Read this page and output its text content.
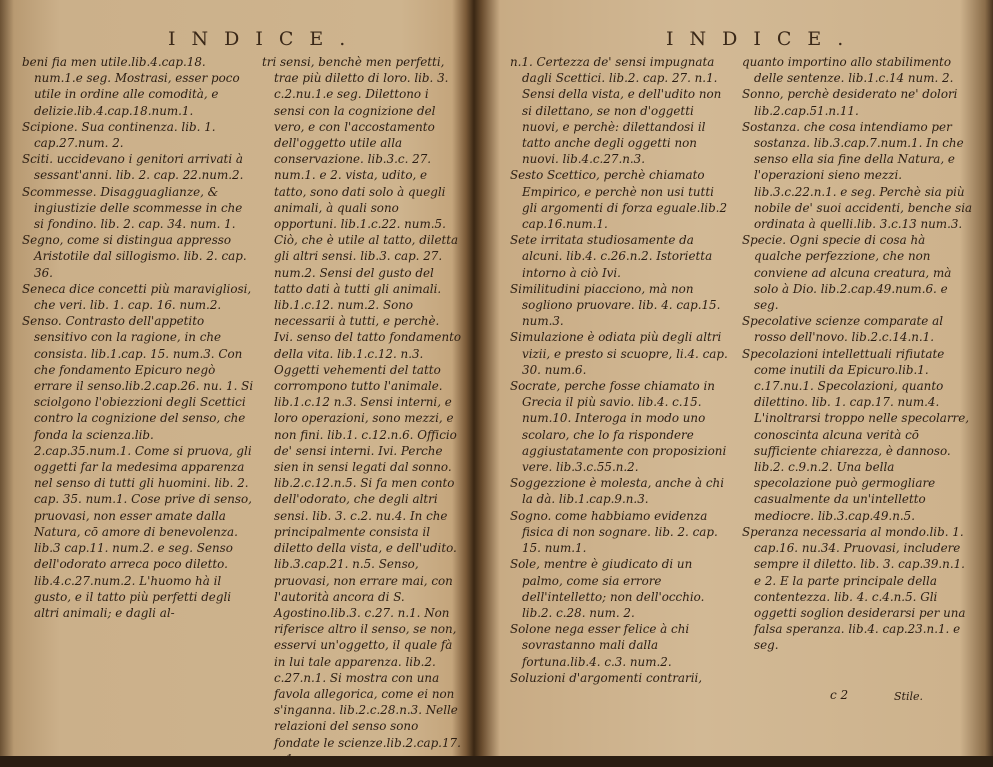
INDICE.
beni fia men utile.lib.4.cap.18. num.1.e seg. Mostrasi, esser poco utile in ordine alle comodità, e delizie.lib.4.cap.18.num.1.
Scipione. Sua continenza. lib. 1. cap.27.num. 2.
Sciti. uccidevano i genitori arrivati à sessant'anni. lib. 2. cap. 22.num.2.
Scommesse. Disagguaglianze, & ingiustizie delle scommesse in che si fondino. lib. 2. cap. 34. num. 1.
Segno, come si distingua appresso Aristotile dal sillogismo. lib. 2. cap. 36.
Seneca dice concetti più maravigliosi, che veri. lib. 1. cap. 16. num.2.
Senso. Contrasto dell'appetito sensitivo con la ragione, in che consista. lib.1.cap. 15. num.3. Con che fondamento Epicuro negò errare il senso.lib.2.cap.26. nu. 1. Si sciolgono l'obiezzioni degli Scettici contro la cognizione del senso, che fonda la scienza.lib. 2.cap.35.num.1. Come si pruova, gli oggetti far la medesima apparenza nel senso di tutti gli huomini. lib. 2. cap. 35. num.1. Cose prive di senso, pruovasi, non esser amate dalla Natura, cō amore di benevolenza. lib.3 cap.11. num.2. e seg. Senso dell'odorato arreca poco diletto. lib.4.c.27.num.2. L'huomo hà il gusto, e il tatto più perfetti degli altri animali; e dagli al-
tri sensi, benchè men perfetti, trae più diletto di loro. lib. 3. c.2.nu.1.e seg. Dilettono i sensi con la cognizione del vero, e con l'accostamento dell'oggetto utile alla conservazione. lib.3.c. 27. num.1. e 2. vista, udito, e tatto, sono dati solo à quegli animali, à quali sono opportuni. lib.1.c.22. num.5. Ciò, che è utile al tatto, diletta gli altri sensi. lib.3. cap. 27. num.2. Sensi del gusto del tatto dati à tutti gli animali. lib.1.c.12. num.2. Sono necessarii à tutti, e perchè. Ivi. senso del tatto fondamento della vita. lib.1.c.12. n.3. Oggetti vehementi del tatto corrompono tutto l'animale. lib.1.c.12 n.3. Sensi interni, e loro operazioni, sono mezzi, e non fini. lib.1. c.12.n.6. Officio de' sensi interni. Ivi. Perche sien in sensi legati dal sonno. lib.2.c.12.n.5. Si fa men conto dell'odorato, che degli altri sensi. lib. 3. c.2. nu.4. In che principalmente consista il diletto della vista, e dell'udito. lib.3.cap.21. n.5. Senso, pruovasi, non errare mai, con l'autorità ancora di S. Agostino.lib.3. c.27. n.1. Non riferisce altro il senso, se non, esservi un'oggetto, il quale fà in lui tale apparenza. lib.2. c.27.n.1. Si mostra con una favola allegorica, come ei non s'inganna. lib.2.c.28.n.3. Nelle relazioni del senso sono fondate le scienze.lib.2.cap.17. n.1.
INDICE.
n.1. Certezza de' sensi impugnata dagli Scettici. lib.2. cap. 27. n.1. Sensi della vista, e dell'udito non si dilettano, se non d'oggetti nuovi, e perchè: dilettandosi il tatto anche degli oggetti non nuovi. lib.4.c.27.n.3.
Sesto Scettico, perchè chiamato Empirico, e perchè non usi tutti gli argomenti di forza eguale.lib.2 cap.16.num.1.
Sete irritata studiosamente da alcuni. lib.4. c.26.n.2. Istorietta intorno à ciò Ivi.
Similitudini piacciono, mà non sogliono pruovare. lib. 4. cap.15. num.3.
Simulazione è odiata più degli altri vizii, e presto si scuopre, li.4. cap. 30. num.6.
Socrate, perche fosse chiamato in Grecia il più savio. lib.4. c.15. num.10. Interoga in modo uno scolaro, che lo fa rispondere aggiustatamente con proposizioni vere. lib.3.c.55.n.2.
Soggezzione è molesta, anche à chi la dà. lib.1.cap.9.n.3.
Sogno. come habbiamo evidenza fisica di non sognare. lib. 2. cap. 15. num.1.
Sole, mentre è giudicato di un palmo, come sia errore dell'intelletto; non dell'occhio. lib.2. c.28. num. 2.
Solone nega esser felice à chi sovrastanno mali dalla fortuna.lib.4. c.3. num.2.
Soluzioni d'argomenti contrarii,
quanto importino allo stabilimento delle sentenze. lib.1.c.14 num. 2.
Sonno, perchè desiderato ne' dolori lib.2.cap.51.n.11.
Sostanza. che cosa intendiamo per sostanza. lib.3.cap.7.num.1. In che senso ella sia fine della Natura, e l'operazioni sieno mezzi. lib.3.c.22.n.1. e seg. Perchè sia più nobile de' suoi accidenti, benche sia ordinata à quelli.lib. 3.c.13 num.3.
Specie. Ogni specie di cosa hà qualche perfezzione, che non conviene ad alcuna creatura, mà solo à Dio. lib.2.cap.49.num.6. e seg.
Specolative scienze comparate al rosso dell'novo. lib.2.c.14.n.1.
Specolazioni intellettuali rifiutate come inutili da Epicuro.lib.1. c.17.nu.1. Specolazioni, quanto dilettino. lib. 1. cap.17. num.4. L'inoltrarsi troppo nelle specolarre, conoscinta alcuna verità cō sufficiente chiarezza, è dannoso. lib.2. c.9.n.2. Una bella specolazione può germogliare casualmente da un'intelletto mediocre. lib.3.cap.49.n.5.
Speranza necessaria al mondo.lib. 1. cap.16. nu.34. Pruovasi, includere sempre il diletto. lib. 3. cap.39.n.1. e 2. E la parte principale della contentezza. lib. 4. c.4.n.5. Gli oggetti soglion desiderarsi per una falsa speranza. lib.4. cap.23.n.1. e seg.
c 2	Stile.
